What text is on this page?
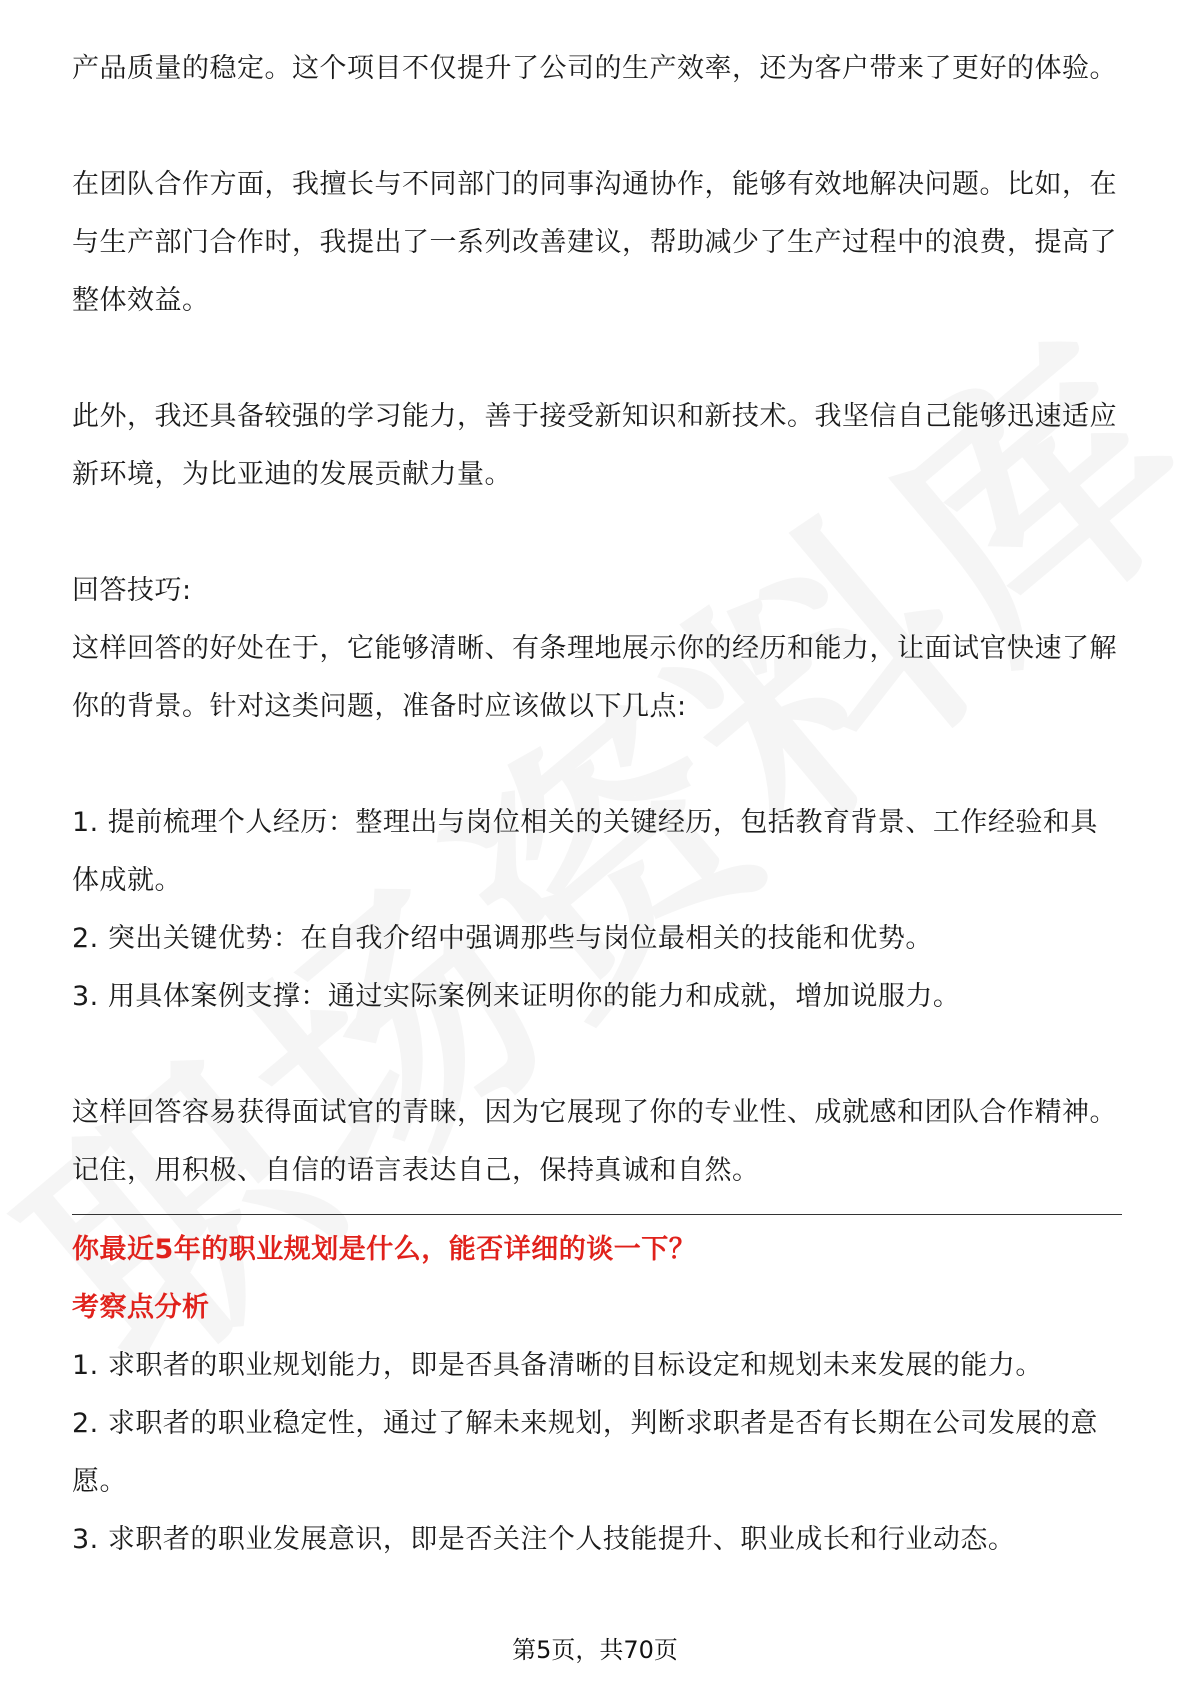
产品质量的稳定。这个项目不仅提升了公司的生产效率，还为客户带来了更好的体验。

在团队合作方面，我擅长与不同部门的同事沟通协作，能够有效地解决问题。比如，在与生产部门合作时，我提出了一系列改善建议，帮助减少了生产过程中的浪费，提高了整体效益。

此外，我还具备较强的学习能力，善于接受新知识和新技术。我坚信自己能够迅速适应新环境，为比亚迪的发展贡献力量。

回答技巧:

这样回答的好处在于，它能够清晰、有条理地展示你的经历和能力，让面试官快速了解你的背景。针对这类问题，准备时应该做以下几点:

1. 提前梳理个人经历：整理出与岗位相关的关键经历，包括教育背景、工作经验和具体成就。

2. 突出关键优势：在自我介绍中强调那些与岗位最相关的技能和优势。

3. 用具体案例支撑：通过实际案例来证明你的能力和成就，增加说服力。

这样回答容易获得面试官的青睐，因为它展现了你的专业性、成就感和团队合作精神。记住，用积极、自信的语言表达自己，保持真诚和自然。

你最近5年的职业规划是什么，能否详细的谈一下？

考察点分析

1. 求职者的职业规划能力，即是否具备清晰的目标设定和规划未来发展的能力。

2. 求职者的职业稳定性，通过了解未来规划，判断求职者是否有长期在公司发展的意愿。

3. 求职者的职业发展意识，即是否关注个人技能提升、职业成长和行业动态。

第5页，共70页
